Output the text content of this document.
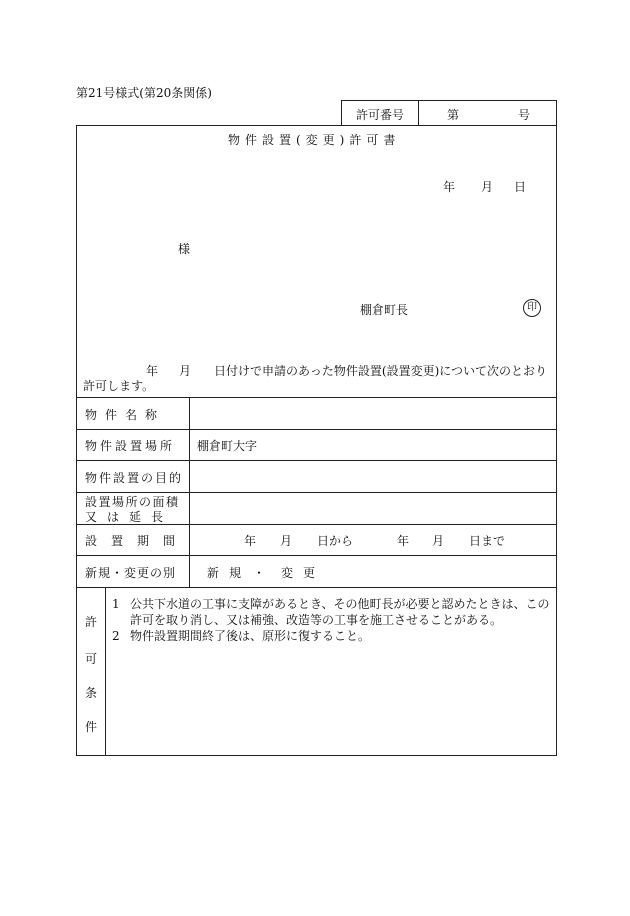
第21号様式(第20条関係)
許可番号	第	号
物件設置(変更)許可書
年 月 日
様
棚倉町長	印
年 月 日付けで申請のあった物件設置(設置変更)について次のとおり
許可します。
物件名称
物件設置場所 棚倉町大字
物件設置の目的
設置場所の面積
又は延長
設置期間	年 月 日から	年 月 日まで
新規・変更の別	新規 ・ 変更
許
可
条
件
1 公共下水道の工事に支障があるとき、その他町長が必要と認めたときは、この許可を取り消し、又は補強、改造等の工事を施工させることがある。
2 物件設置期間終了後は、原形に復すること。
